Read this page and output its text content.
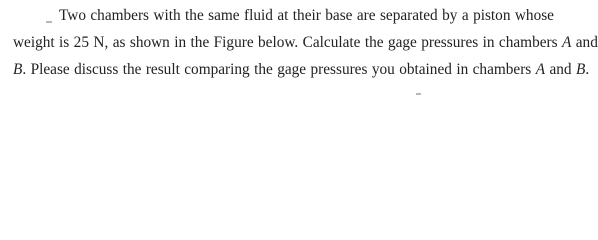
Two chambers with the same fluid at their base are separated by a piston whose
weight is 25 N, as shown in the Figure below. Calculate the gage pressures in chambers A and
B. Please discuss the result comparing the gage pressures you obtained in chambers A and B.
